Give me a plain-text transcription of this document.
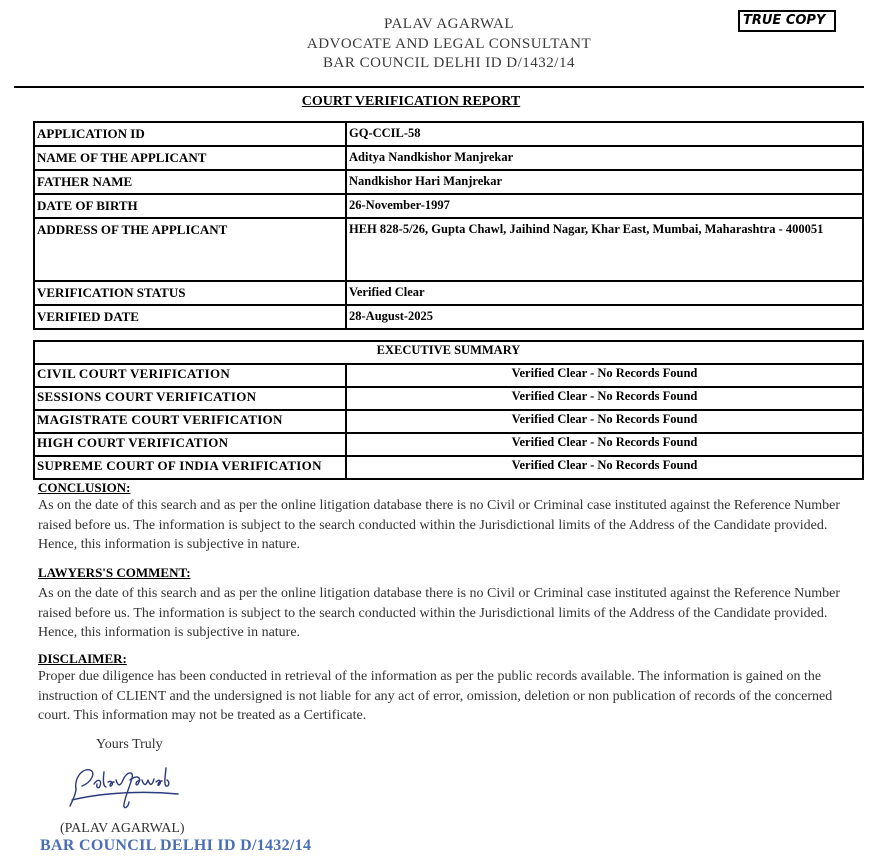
PALAV AGARWAL
ADVOCATE AND LEGAL CONSULTANT
BAR COUNCIL DELHI ID D/1432/14
TRUE COPY
COURT VERIFICATION REPORT
APPLICATION ID	GQ-CCIL-58
NAME OF THE APPLICANT	Aditya Nandkishor Manjrekar
FATHER NAME	Nandkishor Hari Manjrekar
DATE OF BIRTH	26-November-1997
ADDRESS OF THE APPLICANT	HEH 828-5/26, Gupta Chawl, Jaihind Nagar, Khar East, Mumbai, Maharashtra - 400051
VERIFICATION STATUS	Verified Clear
VERIFIED DATE	28-August-2025
EXECUTIVE SUMMARY	
CIVIL COURT VERIFICATION	Verified Clear - No Records Found
SESSIONS COURT VERIFICATION	Verified Clear - No Records Found
MAGISTRATE COURT VERIFICATION	Verified Clear - No Records Found
HIGH COURT VERIFICATION	Verified Clear - No Records Found
SUPREME COURT OF INDIA VERIFICATION	Verified Clear - No Records Found
CONCLUSION:
As on the date of this search and as per the online litigation database there is no Civil or Criminal case instituted against the Reference Number raised before us. The information is subject to the search conducted within the Jurisdictional limits of the Address of the Candidate provided. Hence, this information is subjective in nature.
LAWYERS'S COMMENT:
As on the date of this search and as per the online litigation database there is no Civil or Criminal case instituted against the Reference Number raised before us. The information is subject to the search conducted within the Jurisdictional limits of the Address of the Candidate provided. Hence, this information is subjective in nature.
DISCLAIMER:
Proper due diligence has been conducted in retrieval of the information as per the public records available. The information is gained on the instruction of CLIENT and the undersigned is not liable for any act of error, omission, deletion or non publication of records of the concerned court. This information may not be treated as a Certificate.
Yours Truly
(PALAV AGARWAL)
BAR COUNCIL DELHI ID D/1432/14
